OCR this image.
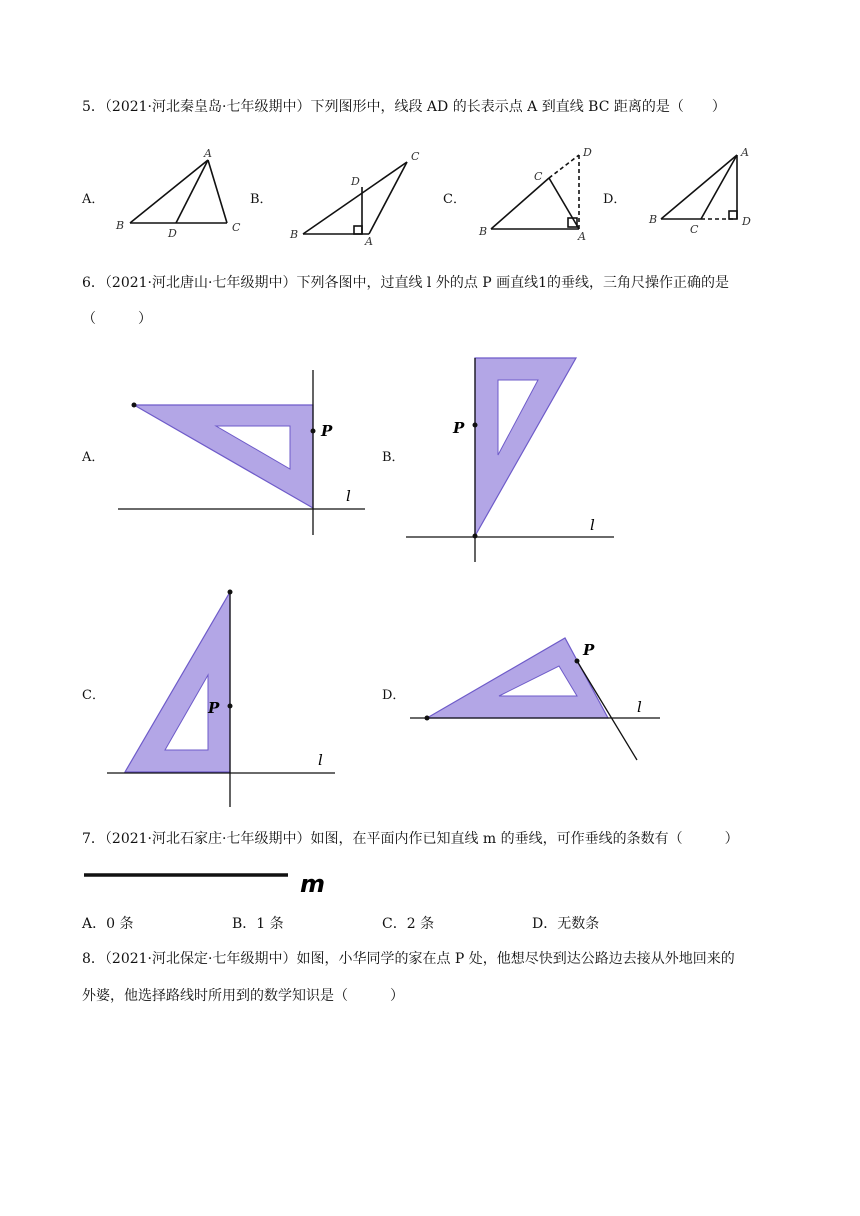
5．（2021·河北秦皇岛·七年级期中）下列图形中，线段 AD 的长表示点 A 到直线 BC 距离的是（　　）
A．
A
B	C
D
B．
C
D
B
A
C．
D
C
B	A
D．
A
B
C
D
6．（2021·河北唐山·七年级期中）下列各图中，过直线 l 外的点 P 画直线1的垂线，三角尺操作正确的是
（　　　）
A．
P
l
B．
P
l
C．
P
l
D．
P
l
7．（2021·河北石家庄·七年级期中）如图，在平面内作已知直线 m 的垂线，可作垂线的条数有（　　　）
m
A．0 条	B．1 条	C．2 条	D．无数条
8．（2021·河北保定·七年级期中）如图，小华同学的家在点 P 处，他想尽快到达公路边去接从外地回来的
外婆，他选择路线时所用到的数学知识是（　　　）
